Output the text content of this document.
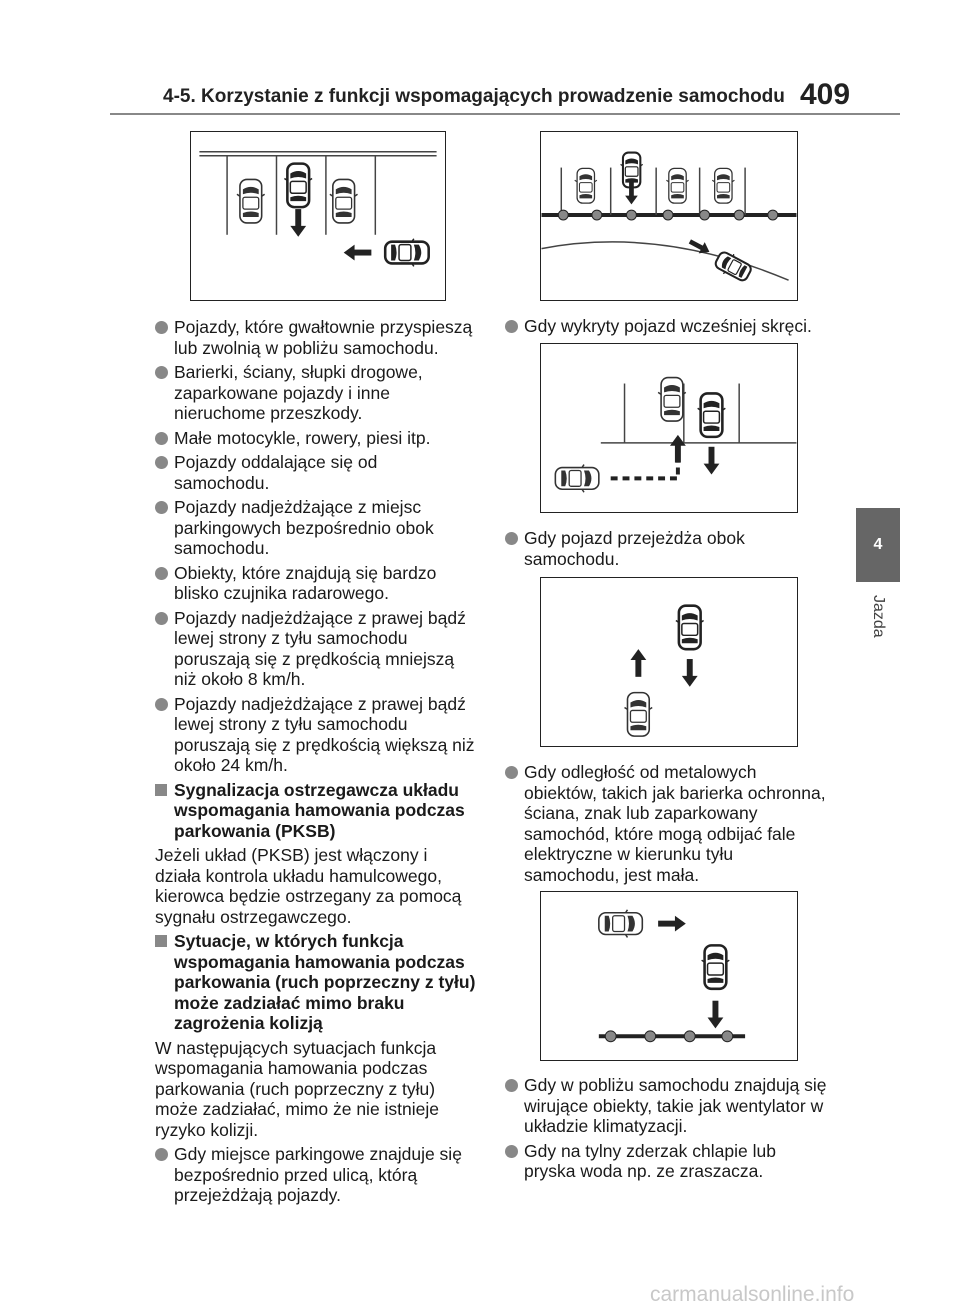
4-5. Korzystanie z funkcji wspomagających prowadzenie samochodu 409
4
Jazda
Pojazdy, które gwałtownie przyspieszą lub zwolnią w pobliżu samochodu.
Barierki, ściany, słupki drogowe, zaparkowane pojazdy i inne nieruchome przeszkody.
Małe motocykle, rowery, piesi itp.
Pojazdy oddalające się od samochodu.
Pojazdy nadjeżdżające z miejsc parkingowych bezpośrednio obok samochodu.
Obiekty, które znajdują się bardzo blisko czujnika radarowego.
Pojazdy nadjeżdżające z prawej bądź lewej strony z tyłu samochodu poruszają się z prędkością mniejszą niż około 8 km/h.
Pojazdy nadjeżdżające z prawej bądź lewej strony z tyłu samochodu poruszają się z prędkością większą niż około 24 km/h.
Sygnalizacja ostrzegawcza układu wspomagania hamowania podczas parkowania (PKSB)
Jeżeli układ (PKSB) jest włączony i działa kontrola układu hamulcowego, kierowca będzie ostrzegany za pomocą sygnału ostrzegawczego.
Sytuacje, w których funkcja wspomagania hamowania podczas parkowania (ruch poprzeczny z tyłu) może zadziałać mimo braku zagrożenia kolizją
W następujących sytuacjach funkcja wspomagania hamowania podczas parkowania (ruch poprzeczny z tyłu) może zadziałać, mimo że nie istnieje ryzyko kolizji.
Gdy miejsce parkingowe znajduje się bezpośrednio przed ulicą, którą przejeżdżają pojazdy.
Gdy wykryty pojazd wcześniej skręci.
Gdy pojazd przejeżdża obok samochodu.
Gdy odległość od metalowych obiektów, takich jak barierka ochronna, ściana, znak lub zaparkowany samochód, które mogą odbijać fale elektryczne w kierunku tyłu samochodu, jest mała.
Gdy w pobliżu samochodu znajdują się wirujące obiekty, takie jak wentylator w układzie klimatyzacji.
Gdy na tylny zderzak chlapie lub pryska woda np. ze zraszacza.
carmanualsonline.info
